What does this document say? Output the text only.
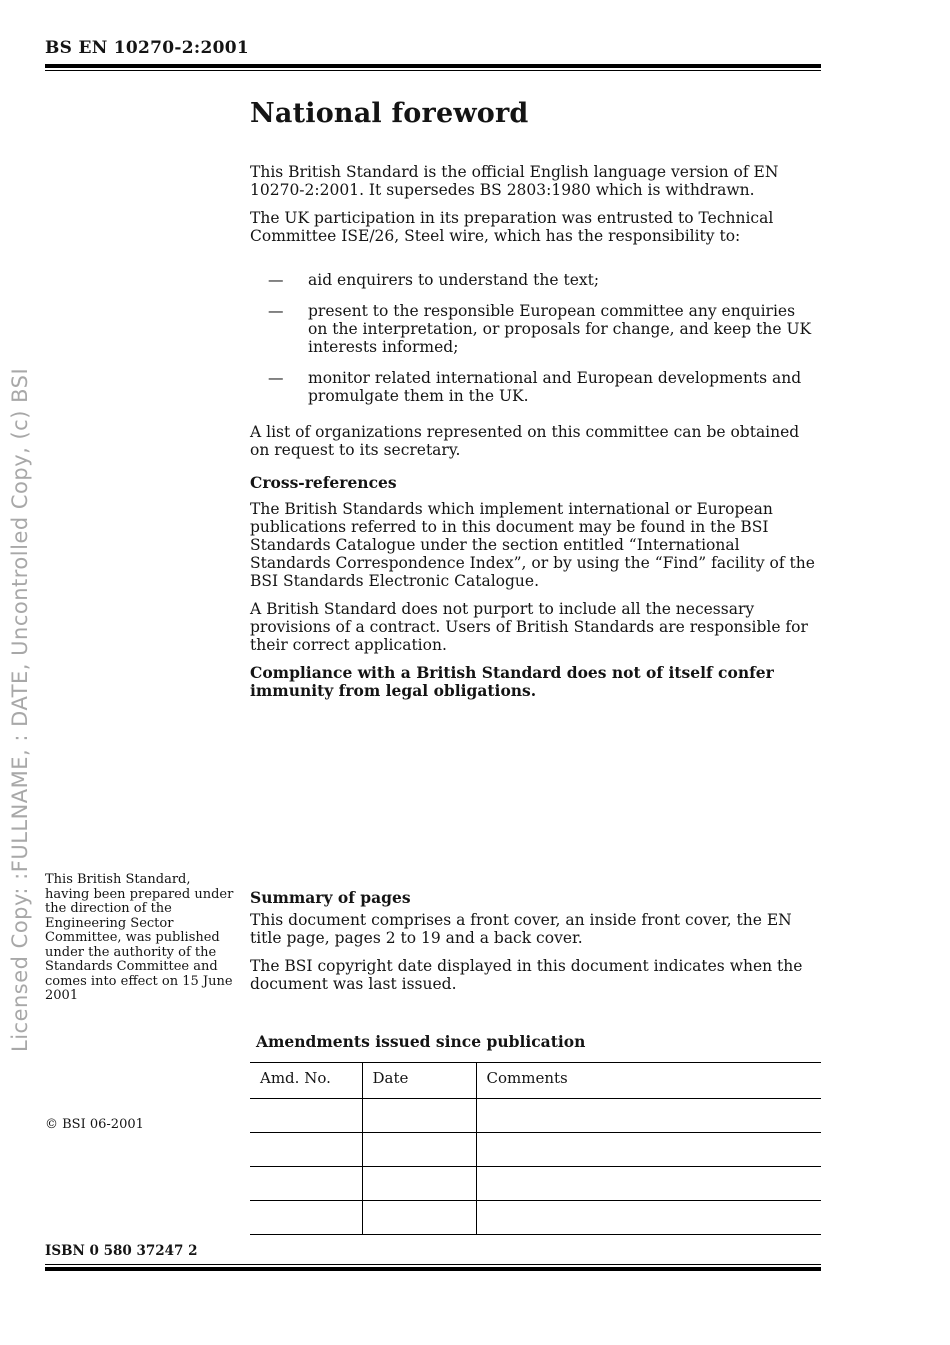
Licensed Copy: :FULLNAME, : DATE, Uncontrolled Copy, (c) BSI
BS EN 10270-2:2001
National foreword

This British Standard is the official English language version of EN 10270-2:2001. It supersedes BS 2803:1980 which is withdrawn.

The UK participation in its preparation was entrusted to Technical Committee ISE/26, Steel wire, which has the responsibility to:

—	aid enquirers to understand the text;
—	present to the responsible European committee any enquiries on the interpretation, or proposals for change, and keep the UK interests informed;
—	monitor related international and European developments and promulgate them in the UK.

A list of organizations represented on this committee can be obtained on request to its secretary.

Cross-references

The British Standards which implement international or European publications referred to in this document may be found in the BSI Standards Catalogue under the section entitled “International Standards Correspondence Index”, or by using the “Find” facility of the BSI Standards Electronic Catalogue.

A British Standard does not purport to include all the necessary provisions of a contract. Users of British Standards are responsible for their correct application.

Compliance with a British Standard does not of itself confer immunity from legal obligations.

This British Standard, having been prepared under the direction of the Engineering Sector Committee, was published under the authority of the Standards Committee and comes into effect on 15 June 2001
© BSI 06-2001
Summary of pages

This document comprises a front cover, an inside front cover, the EN title page, pages 2 to 19 and a back cover.

The BSI copyright date displayed in this document indicates when the document was last issued.

Amendments issued since publication
Amd. No.	Date	Comments

ISBN 0 580 37247 2
